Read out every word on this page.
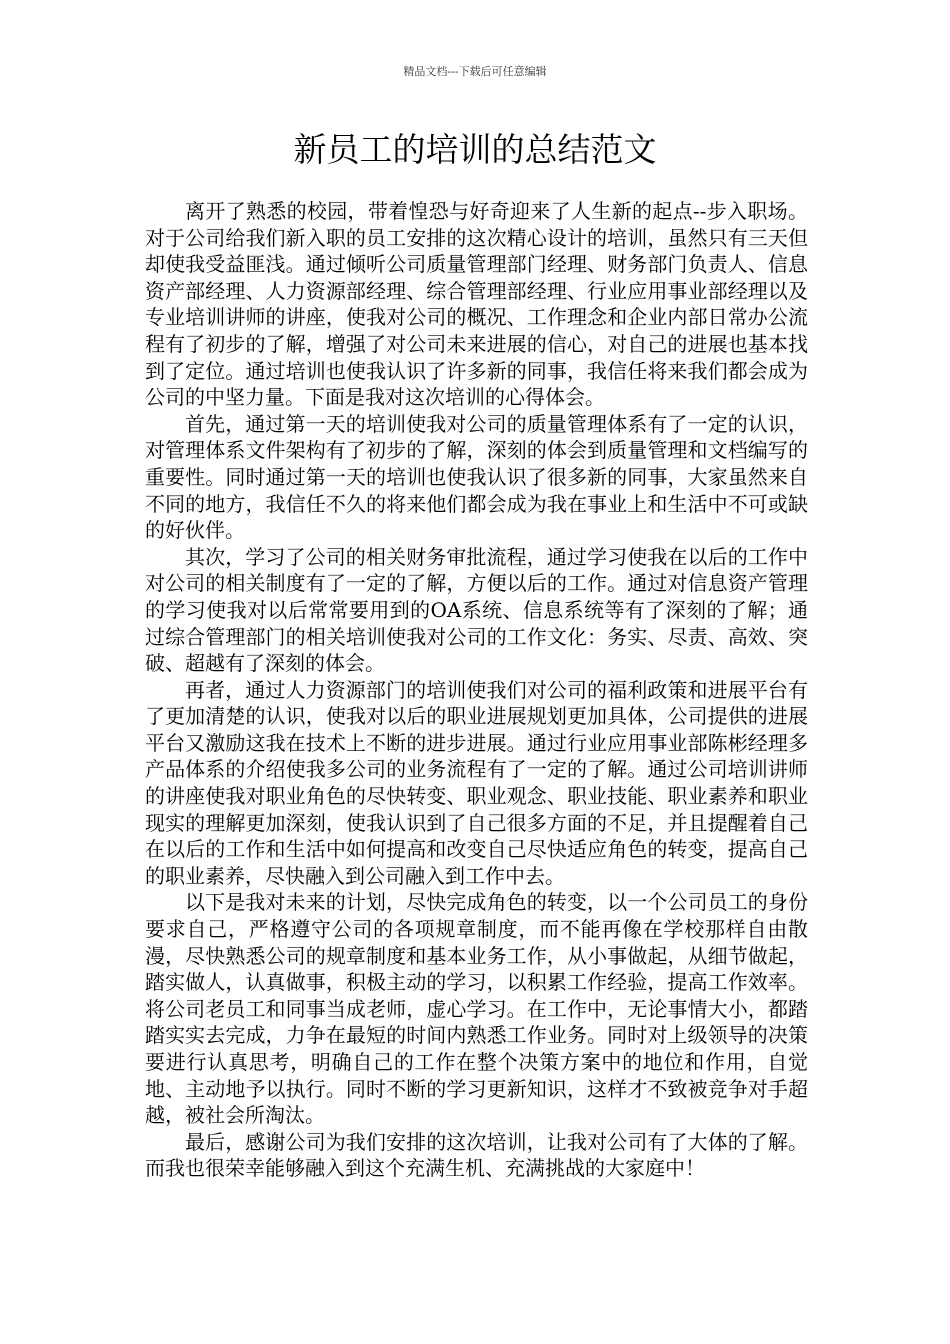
精品文档---下载后可任意编辑
新员工的培训的总结范文

离开了熟悉的校园，带着惶恐与好奇迎来了人生新的起点--步入职场。对于公司给我们新入职的员工安排的这次精心设计的培训，虽然只有三天但却使我受益匪浅。通过倾听公司质量管理部门经理、财务部门负责人、信息资产部经理、人力资源部经理、综合管理部经理、行业应用事业部经理以及专业培训讲师的讲座，使我对公司的概况、工作理念和企业内部日常办公流程有了初步的了解，增强了对公司未来进展的信心，对自己的进展也基本找到了定位。通过培训也使我认识了许多新的同事，我信任将来我们都会成为公司的中坚力量。下面是我对这次培训的心得体会。

首先，通过第一天的培训使我对公司的质量管理体系有了一定的认识，对管理体系文件架构有了初步的了解，深刻的体会到质量管理和文档编写的重要性。同时通过第一天的培训也使我认识了很多新的同事，大家虽然来自不同的地方，我信任不久的将来他们都会成为我在事业上和生活中不可或缺的好伙伴。

其次，学习了公司的相关财务审批流程，通过学习使我在以后的工作中对公司的相关制度有了一定的了解，方便以后的工作。通过对信息资产管理的学习使我对以后常常要用到的OA系统、信息系统等有了深刻的了解；通过综合管理部门的相关培训使我对公司的工作文化：务实、尽责、高效、突破、超越有了深刻的体会。

再者，通过人力资源部门的培训使我们对公司的福利政策和进展平台有了更加清楚的认识，使我对以后的职业进展规划更加具体，公司提供的进展平台又激励这我在技术上不断的进步进展。通过行业应用事业部陈彬经理多产品体系的介绍使我多公司的业务流程有了一定的了解。通过公司培训讲师的讲座使我对职业角色的尽快转变、职业观念、职业技能、职业素养和职业现实的理解更加深刻，使我认识到了自己很多方面的不足，并且提醒着自己在以后的工作和生活中如何提高和改变自己尽快适应角色的转变，提高自己的职业素养，尽快融入到公司融入到工作中去。

以下是我对未来的计划，尽快完成角色的转变，以一个公司员工的身份要求自己，严格遵守公司的各项规章制度，而不能再像在学校那样自由散漫，尽快熟悉公司的规章制度和基本业务工作，从小事做起，从细节做起，踏实做人，认真做事，积极主动的学习，以积累工作经验，提高工作效率。将公司老员工和同事当成老师，虚心学习。在工作中，无论事情大小，都踏踏实实去完成，力争在最短的时间内熟悉工作业务。同时对上级领导的决策要进行认真思考，明确自己的工作在整个决策方案中的地位和作用，自觉地、主动地予以执行。同时不断的学习更新知识，这样才不致被竞争对手超越，被社会所淘汰。

最后，感谢公司为我们安排的这次培训，让我对公司有了大体的了解。而我也很荣幸能够融入到这个充满生机、充满挑战的大家庭中！
